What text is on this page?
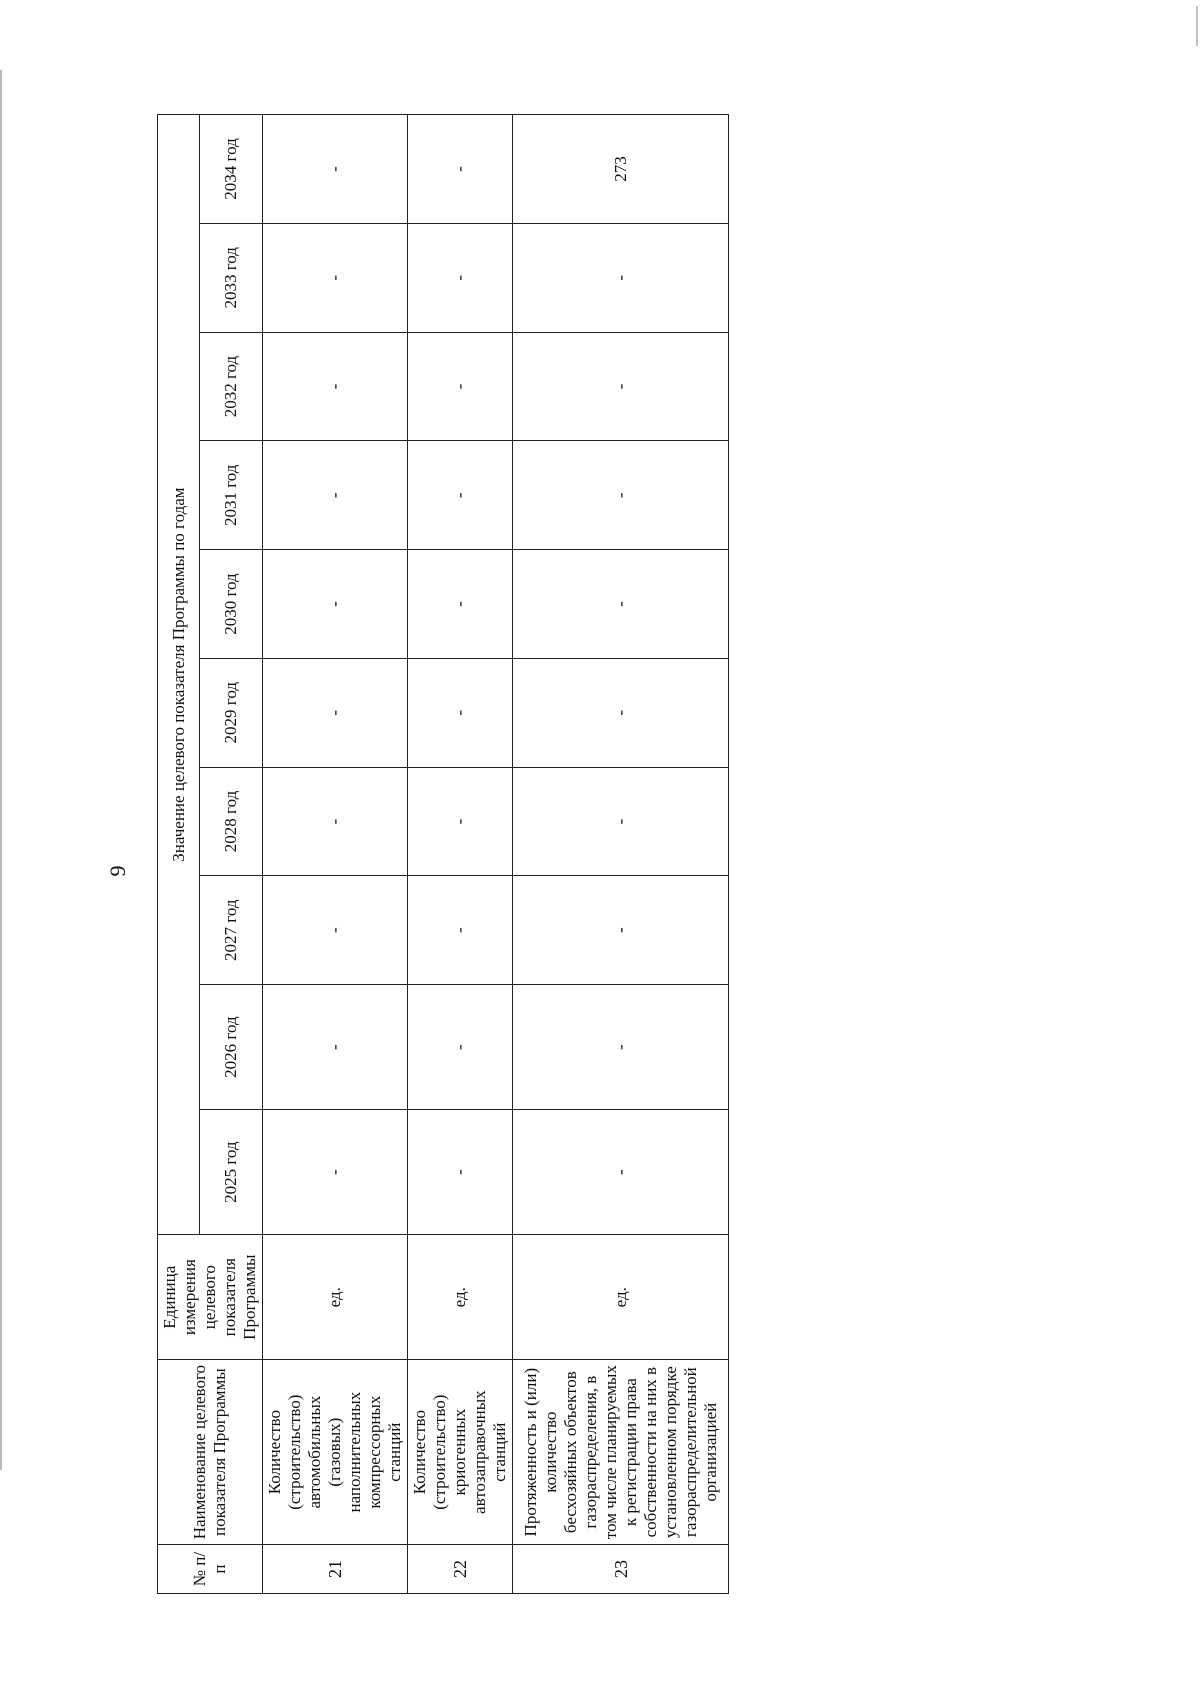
9
№ п/п	Наименование целевого показателя Программы	Единица измерения целевого показателя Программы	Значение целевого показателя Программы по годам									
			2025 год	2026 год	2027 год	2028 год	2029 год	2030 год	2031 год	2032 год	2033 год	2034 год
21	Количество (строительство) автомобильных (газовых) наполнительных компрессорных станций	ед.	-	-	-	-	-	-	-	-	-	-
22	Количество (строительство) криогенных автозаправочных станций	ед.	-	-	-	-	-	-	-	-	-	-
23	Протяженность и (или) количество бесхозяйных объектов газораспределения, в том числе планируемых к регистрации права собственности на них в установленном порядке газораспределительной организацией	ед.	-	-	-	-	-	-	-	-	-	273
